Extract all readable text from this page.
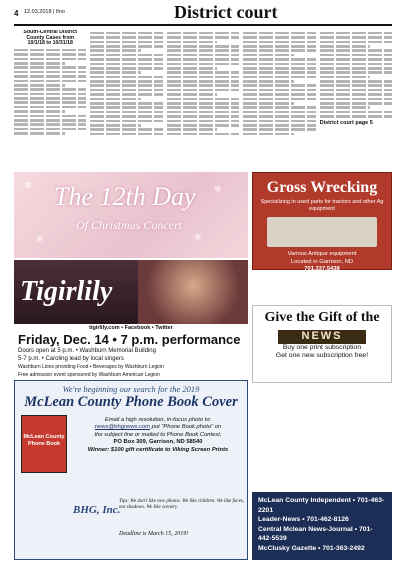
4 12.03.2018 | fino	District court
South-Central District
County Cases from
10/1/18 to 10/31/18
District court page 5
✻	✻
✻
✻
The 12th Day
Of Christmas Concert
Tigirlily
tigirlily.com • Facebook • Twitter
Friday, Dec. 14 • 7 p.m. performance
Doors open at 5 p.m. • Washburn Memorial Building
5-7 p.m. • Caroling lead by local singers
Washburn Lions providing Food • Beverages by Washburn Legion
Free admission event sponsored by Washburn American Legion
We're beginning our search for the 2019
McLean County Phone Book Cover
McLean County Phone Book
Email a high resolution, in-focus photo to:
news@bhgnews.com put "Phone Book photo" on
the subject line or mailed to Phone Book Contest,
PO Box 309, Garrison, ND 58540
Winner: $100 gift certificate to Viking Screen Prints
BHG, Inc.
Tips: We don't like new photos. We like children. We like faces, not shadows. We like scenery.
Deadline is March 15, 2019!
Gross Wrecking
Specializing in used parts for tractors and other Ag equipment
Various Antique equipment
Located in Garrison, ND
701.337.5438
Give the Gift of the
NEWS
Buy one print subscription
Get one new subscription free!
McLean County Independent • 701-463-2201
Leader-News • 701-462-8126
Central Mclean News-Journal • 701-442-5539
McClusky Gazette • 701-363-2492
